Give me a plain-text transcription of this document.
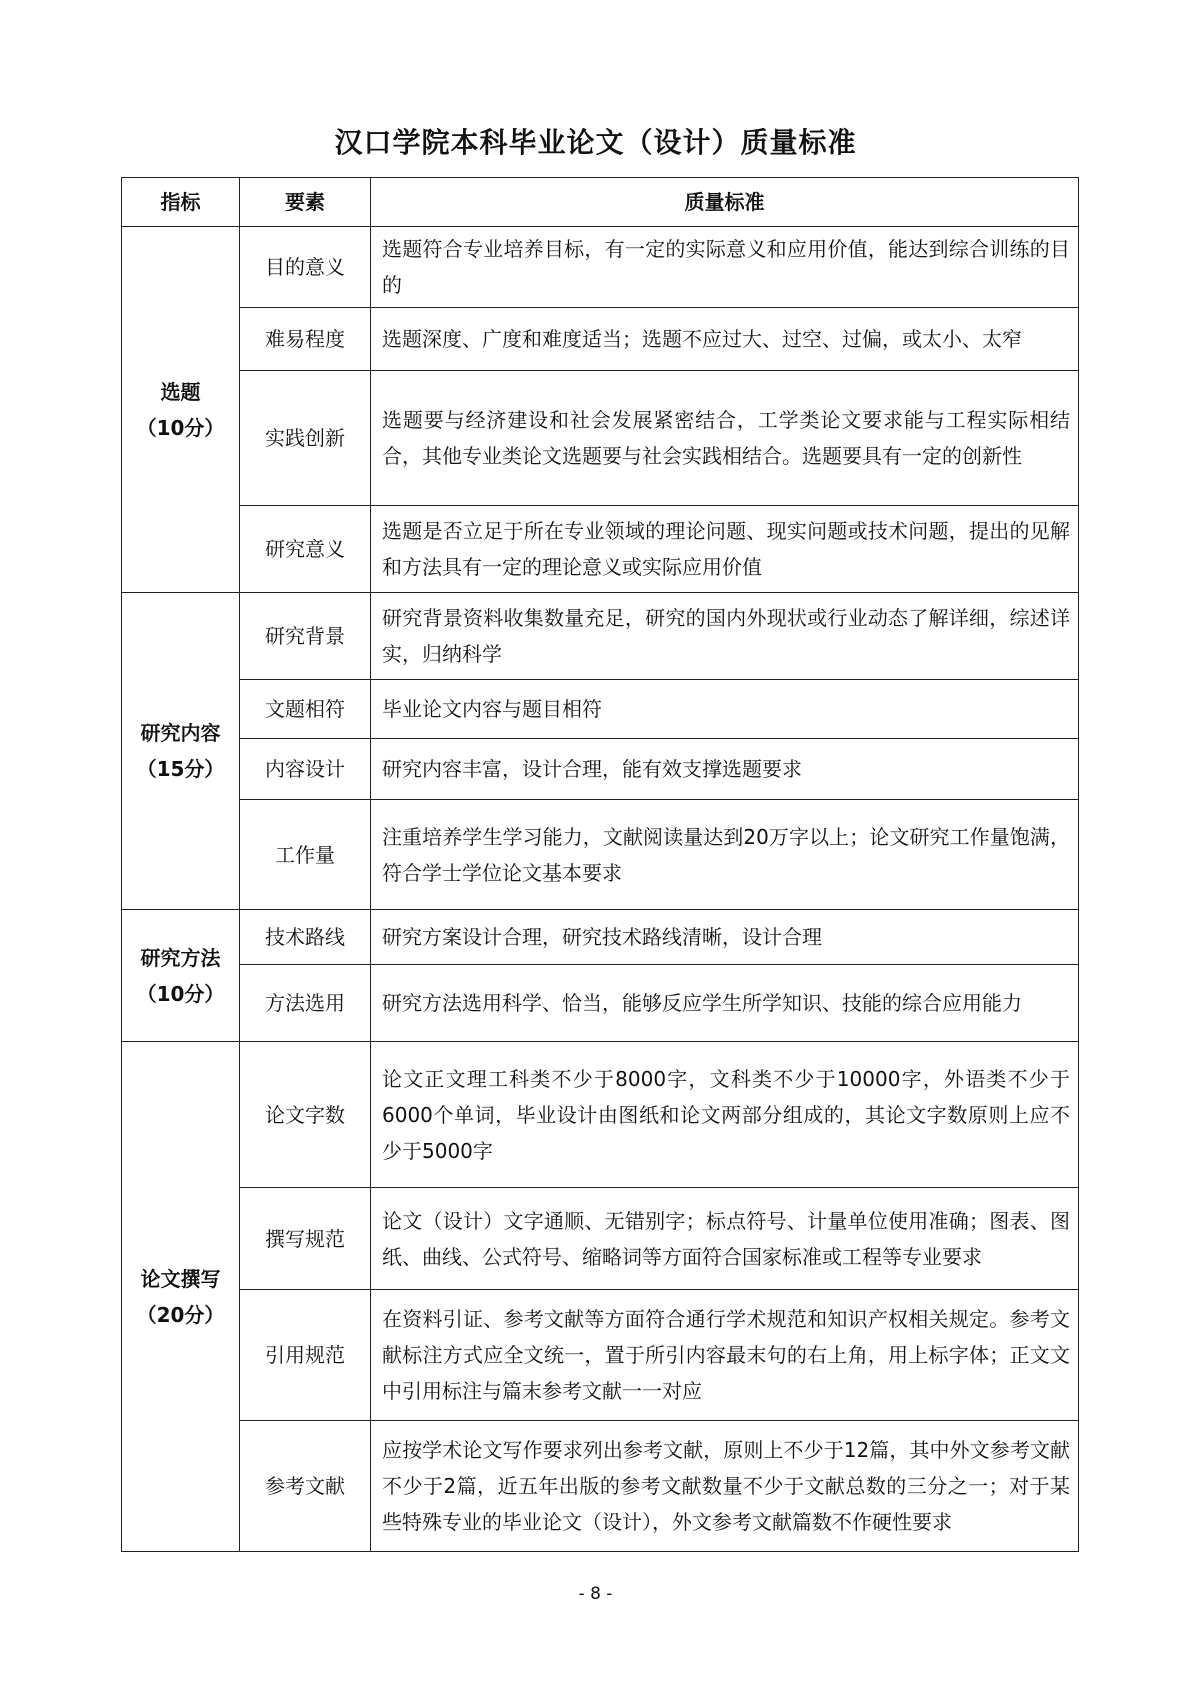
汉口学院本科毕业论文（设计）质量标准
指标	要素	质量标准

选题
（10分）	目的意义	选题符合专业培养目标，有一定的实际意义和应用价值，能达到综合训练的目的
	难易程度	选题深度、广度和难度适当；选题不应过大、过空、过偏，或太小、太窄
	实践创新	选题要与经济建设和社会发展紧密结合，工学类论文要求能与工程实际相结合，其他专业类论文选题要与社会实践相结合。选题要具有一定的创新性
	研究意义	选题是否立足于所在专业领域的理论问题、现实问题或技术问题，提出的见解和方法具有一定的理论意义或实际应用价值

研究内容
（15分）	研究背景	研究背景资料收集数量充足，研究的国内外现状或行业动态了解详细，综述详实，归纳科学
	文题相符	毕业论文内容与题目相符
	内容设计	研究内容丰富，设计合理，能有效支撑选题要求
	工作量	注重培养学生学习能力，文献阅读量达到20万字以上；论文研究工作量饱满，符合学士学位论文基本要求

研究方法
（10分）	技术路线	研究方案设计合理，研究技术路线清晰，设计合理
	方法选用	研究方法选用科学、恰当，能够反应学生所学知识、技能的综合应用能力

论文撰写
（20分）	论文字数	论文正文理工科类不少于8000字，文科类不少于10000字，外语类不少于6000个单词，毕业设计由图纸和论文两部分组成的，其论文字数原则上应不少于5000字
	撰写规范	论文（设计）文字通顺、无错别字；标点符号、计量单位使用准确；图表、图纸、曲线、公式符号、缩略词等方面符合国家标准或工程等专业要求
	引用规范	在资料引证、参考文献等方面符合通行学术规范和知识产权相关规定。参考文献标注方式应全文统一，置于所引内容最末句的右上角，用上标字体；正文文中引用标注与篇末参考文献一一对应
	参考文献	应按学术论文写作要求列出参考文献，原则上不少于12篇，其中外文参考文献不少于2篇，近五年出版的参考文献数量不少于文献总数的三分之一；对于某些特殊专业的毕业论文（设计），外文参考文献篇数不作硬性要求
- 8 -
